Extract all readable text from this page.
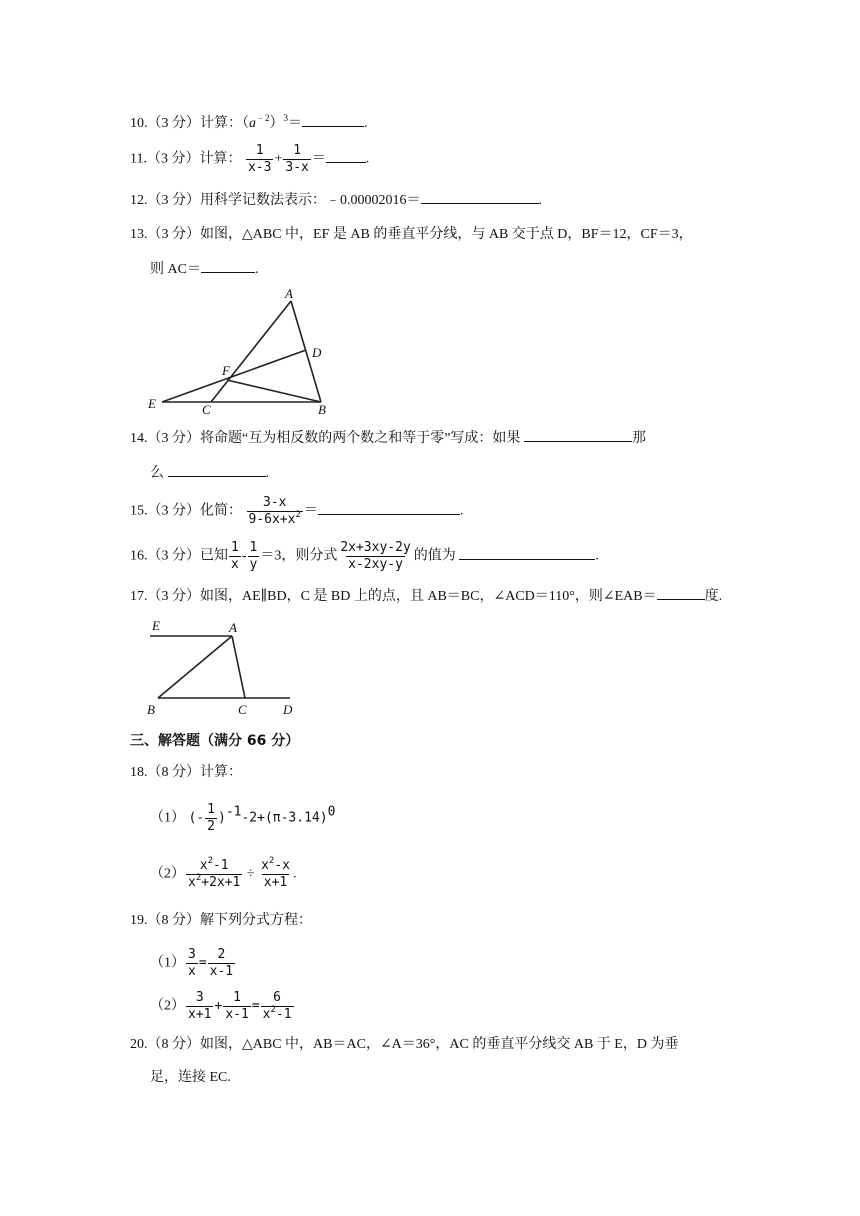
10.（3 分）计算：$(a^{﹣2})^3=$	.
11.（3 分）计算： $\frac{1}{x-3} + \frac{1}{3-x}$ ＝	.
12.（3 分）用科学记数法表示：﹣0.00002016＝	.
13.（3 分）如图，△ABC 中，EF 是 AB 的垂直平分线，与 AB 交于点 D，BF＝12，CF＝3，
则 AC＝	.
A
D
F
E	C	B
14.（3 分）将命题“互为相反数的两个数之和等于零”写成：如果	那
么	.
15.（3 分）化简： $\frac{3-x}{9-6x+x^2}$ ＝	.
16.（3 分）已知 $\frac{1}{x} - \frac{1}{y} =3$，则分式 $\frac{2x+3xy-2y}{x-2xy-y}$ 的值为	.
17.（3 分）如图，AE∥BD，C 是 BD 上的点，且 AB＝BC，∠ACD＝110°，则∠EAB＝	度.
E	A
B	C	D
三、解答题（满分 66 分）
18.（8 分）计算：
（1） (- $\frac{1}{2} )^{-1}-2+(\pi-3.14)^0$
$(2) \frac{x^2-1}{x^2+2x+1} \div \frac{x^2-x}{x+1}$ .
19.（8 分）解下列分式方程：
$(1) \frac{3}{x} = \frac{2}{x-1}$
$(2) \frac{3}{x+1} + \frac{1}{x-1} = \frac{6}{x^2-1}$
20.（8 分）如图，△ABC 中，AB＝AC，∠A＝36°，AC 的垂直平分线交 AB 于 E，D 为垂
足，连接 EC.
